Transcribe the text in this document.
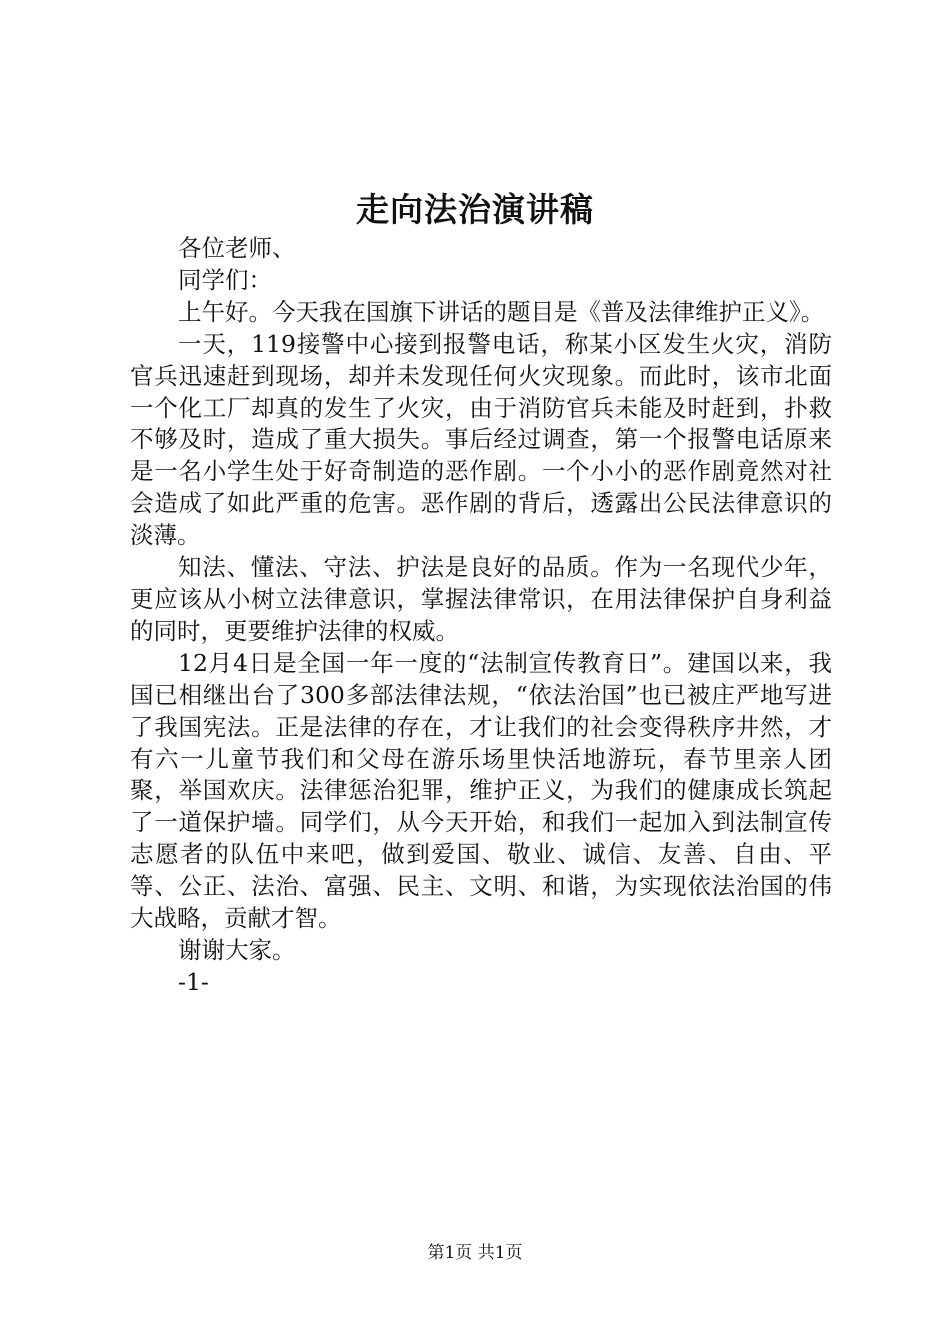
走向法治演讲稿

各位老师、

同学们：

上午好。今天我在国旗下讲话的题目是《普及法律维护正义》。

一天，119接警中心接到报警电话，称某小区发生火灾，消防官兵迅速赶到现场，却并未发现任何火灾现象。而此时，该市北面一个化工厂却真的发生了火灾，由于消防官兵未能及时赶到，扑救不够及时，造成了重大损失。事后经过调查，第一个报警电话原来是一名小学生处于好奇制造的恶作剧。一个小小的恶作剧竟然对社会造成了如此严重的危害。恶作剧的背后，透露出公民法律意识的淡薄。

知法、懂法、守法、护法是良好的品质。作为一名现代少年，更应该从小树立法律意识，掌握法律常识，在用法律保护自身利益的同时，更要维护法律的权威。

12月4日是全国一年一度的“法制宣传教育日”。建国以来，我国已相继出台了300多部法律法规，“依法治国”也已被庄严地写进了我国宪法。正是法律的存在，才让我们的社会变得秩序井然，才有六一儿童节我们和父母在游乐场里快活地游玩，春节里亲人团聚，举国欢庆。法律惩治犯罪，维护正义，为我们的健康成长筑起了一道保护墙。同学们，从今天开始，和我们一起加入到法制宣传志愿者的队伍中来吧，做到爱国、敬业、诚信、友善、自由、平等、公正、法治、富强、民主、文明、和谐，为实现依法治国的伟大战略，贡献才智。

谢谢大家。

-1-

第1页 共1页
